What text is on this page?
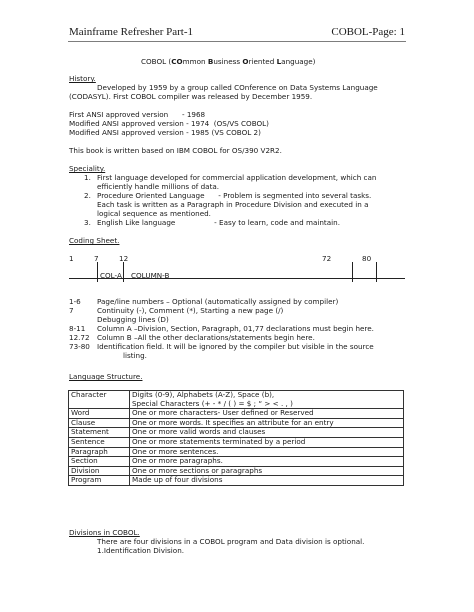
Mainframe Refresher Part-1	COBOL-Page: 1
COBOL (COmmon Business Oriented Language)
History.
Developed by 1959 by a group called COnference on Data Systems Language
(CODASYL). First COBOL compiler was released by December 1959.
First ANSI approved version      - 1968
Modified ANSI approved version - 1974  (OS/VS COBOL)
Modified ANSI approved version - 1985 (VS COBOL 2)
This book is written based on IBM COBOL for OS/390 V2R2.
Speciality.
1. First language developed for commercial application development, which can
efficiently handle millions of data.
2. Procedure Oriented Language      - Problem is segmented into several tasks.
Each task is written as a Paragraph in Procedure Division and executed in a
logical sequence as mentioned.
3. English Like language                 - Easy to learn, code and maintain.
Coding Sheet.
1	7	12	72	80
COL-A COLUMN-B
1-6 Page/line numbers – Optional (automatically assigned by compiler)
7	Continuity (-), Comment (*), Starting a new page (/)
Debugging lines (D)
8-11 Column A –Division, Section, Paragraph, 01,77 declarations must begin here.
12.72 Column B –All the other declarations/statements begin here.
73-80 Identification field. It will be ignored by the compiler but visible in the source
listing.
Language Structure.
Character	Digits (0-9), Alphabets (A-Z), Space (b),
Special Characters (+ - * / ( ) = $ ; “ > < . , )

Word	One or more characters- User defined or Reserved
Clause	One or more words. It specifies an attribute for an entry
Statement	One or more valid words and clauses
Sentence	One or more statements terminated by a period
Paragraph	One or more sentences.
Section	One or more paragraphs.
Division	One or more sections or paragraphs
Program	Made up of four divisions
Divisions in COBOL.
There are four divisions in a COBOL program and Data division is optional.
1.Identification Division.
